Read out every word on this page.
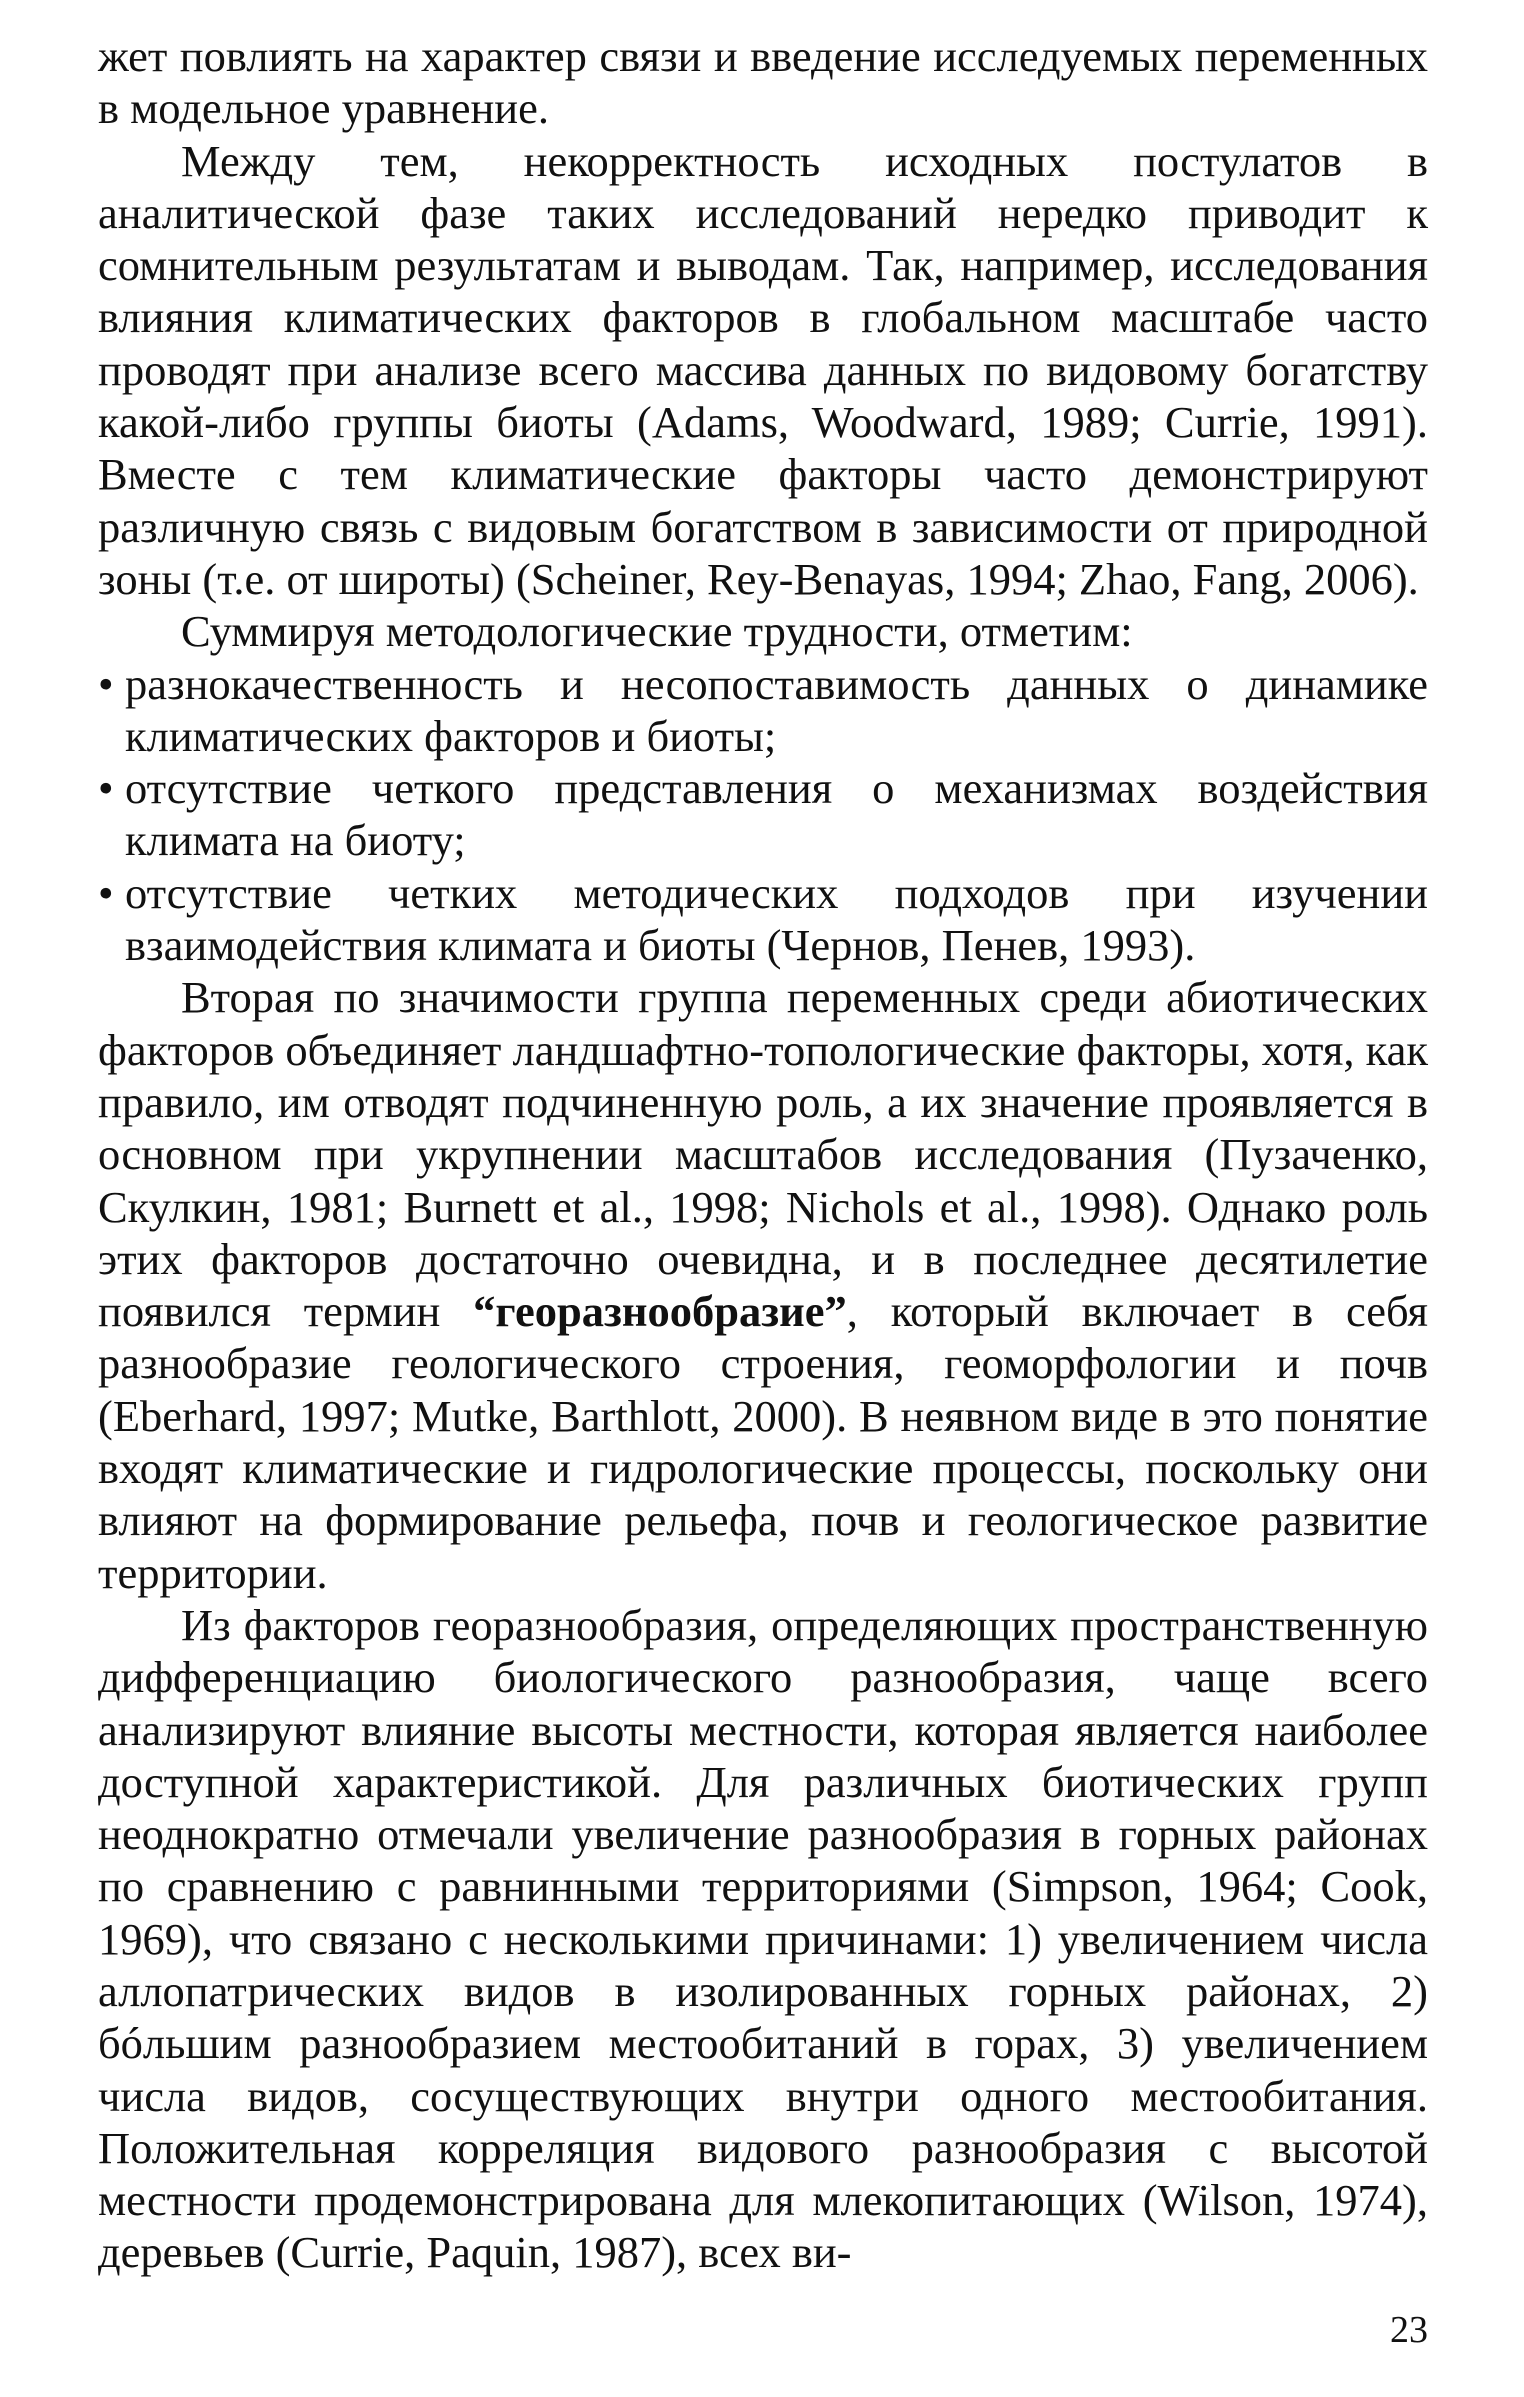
жет повлиять на характер связи и введение исследуемых переменных в модельное уравнение.

Между тем, некорректность исходных постулатов в аналитической фазе таких исследований нередко приводит к сомнительным результатам и выводам. Так, например, исследования влияния климатических факторов в глобальном масштабе часто проводят при анализе всего массива данных по видовому богатству какой-либо группы биоты (Adams, Woodward, 1989; Currie, 1991). Вместе с тем климатические факторы часто демонстрируют различную связь с видовым богатством в зависимости от природной зоны (т.е. от широты) (Scheiner, Rey-Benayas, 1994; Zhao, Fang, 2006).

Суммируя методологические трудности, отметим:

• разнокачественность и несопоставимость данных о динамике климатических факторов и биоты;
• отсутствие четкого представления о механизмах воздействия климата на биоту;
• отсутствие четких методических подходов при изучении взаимодействия климата и биоты (Чернов, Пенев, 1993).

Вторая по значимости группа переменных среди абиотических факторов объединяет ландшафтно-топологические факторы, хотя, как правило, им отводят подчиненную роль, а их значение проявляется в основном при укрупнении масштабов исследования (Пузаченко, Скулкин, 1981; Burnett et al., 1998; Nichols et al., 1998). Однако роль этих факторов достаточно очевидна, и в последнее десятилетие появился термин “георазнообразие”, который включает в себя разнообразие геологического строения, геоморфологии и почв (Eberhard, 1997; Mutke, Barthlott, 2000). В неявном виде в это понятие входят климатические и гидрологические процессы, поскольку они влияют на формирование рельефа, почв и геологическое развитие территории.

Из факторов георазнообразия, определяющих пространственную дифференциацию биологического разнообразия, чаще всего анализируют влияние высоты местности, которая является наиболее доступной характеристикой. Для различных биотических групп неоднократно отмечали увеличение разнообразия в горных районах по сравнению с равнинными территориями (Simpson, 1964; Cook, 1969), что связано с несколькими причинами: 1) увеличением числа аллопатрических видов в изолированных горных районах, 2) бóльшим разнообразием местообитаний в горах, 3) увеличением числа видов, сосуществующих внутри одного местообитания. Положительная корреляция видового разнообразия с высотой местности продемонстрирована для млекопитающих (Wilson, 1974), деревьев (Currie, Paquin, 1987), всех ви-

23
